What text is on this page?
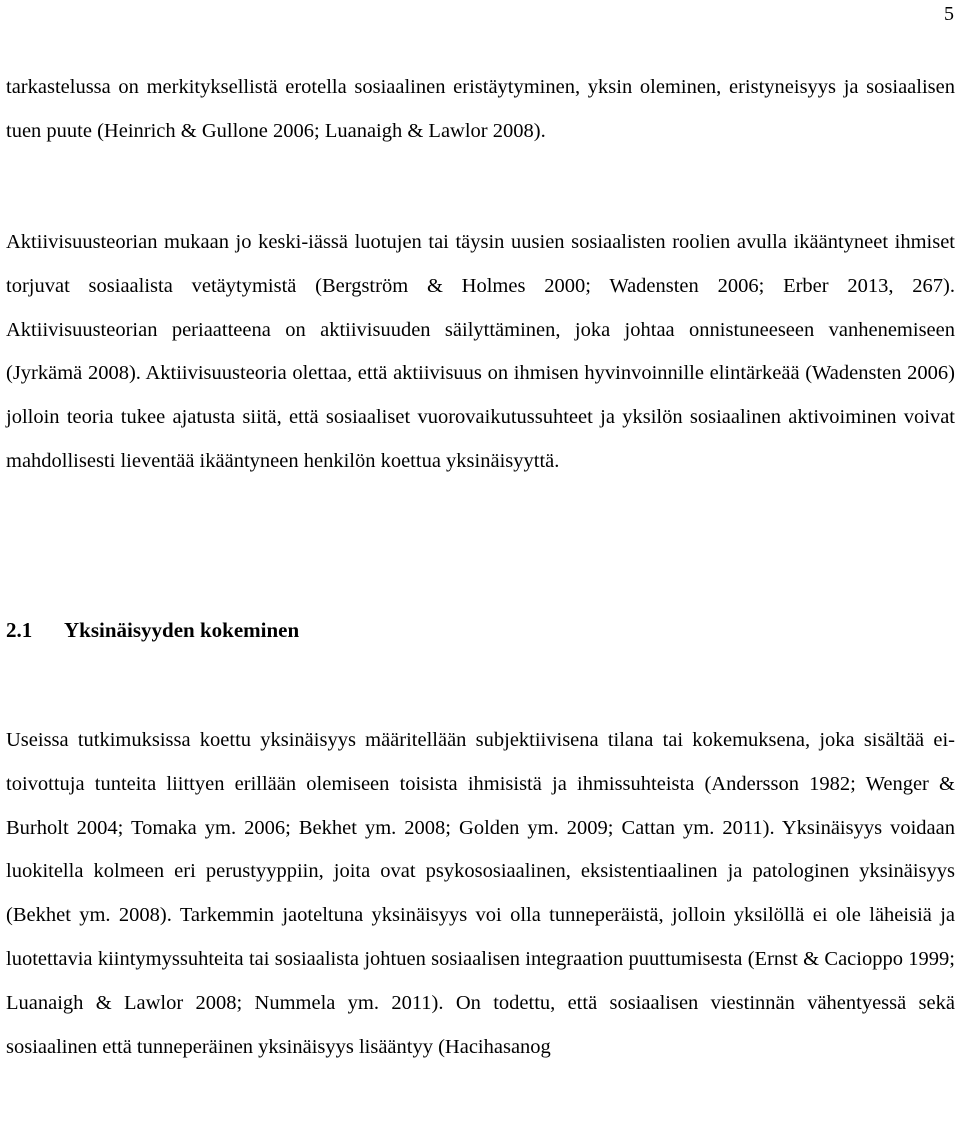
5

tarkastelussa on merkityksellistä erotella sosiaalinen eristäytyminen, yksin oleminen, eristyneisyys ja sosiaalisen tuen puute (Heinrich & Gullone 2006; Luanaigh & Lawlor 2008).

Aktiivisuusteorian mukaan jo keski-iässä luotujen tai täysin uusien sosiaalisten roolien avulla ikääntyneet ihmiset torjuvat sosiaalista vetäytymistä (Bergström & Holmes 2000; Wadensten 2006; Erber 2013, 267). Aktiivisuusteorian periaatteena on aktiivisuuden säilyttäminen, joka johtaa onnistuneeseen vanhenemiseen (Jyrkämä 2008). Aktiivisuusteoria olettaa, että aktiivisuus on ihmisen hyvinvoinnille elintärkeää (Wadensten 2006) jolloin teoria tukee ajatusta siitä, että sosiaaliset vuorovaikutussuhteet ja yksilön sosiaalinen aktivoiminen voivat mahdollisesti lieventää ikääntyneen henkilön koettua yksinäisyyttä.

2.1 Yksinäisyyden kokeminen

Useissa tutkimuksissa koettu yksinäisyys määritellään subjektiivisena tilana tai kokemuksena, joka sisältää ei-toivottuja tunteita liittyen erillään olemiseen toisista ihmisistä ja ihmissuhteista (Andersson 1982; Wenger & Burholt 2004; Tomaka ym. 2006; Bekhet ym. 2008; Golden ym. 2009; Cattan ym. 2011). Yksinäisyys voidaan luokitella kolmeen eri perustyyppiin, joita ovat psykososiaalinen, eksistentiaalinen ja patologinen yksinäisyys (Bekhet ym. 2008). Tarkemmin jaoteltuna yksinäisyys voi olla tunneperäistä, jolloin yksilöllä ei ole läheisiä ja luotettavia kiintymyssuhteita tai sosiaalista johtuen sosiaalisen integraation puuttumisesta (Ernst & Cacioppo 1999; Luanaigh & Lawlor 2008; Nummela ym. 2011). On todettu, että sosiaalisen viestinnän vähentyessä sekä sosiaalinen että tunneperäinen yksinäisyys lisääntyy (Hacihasanog
